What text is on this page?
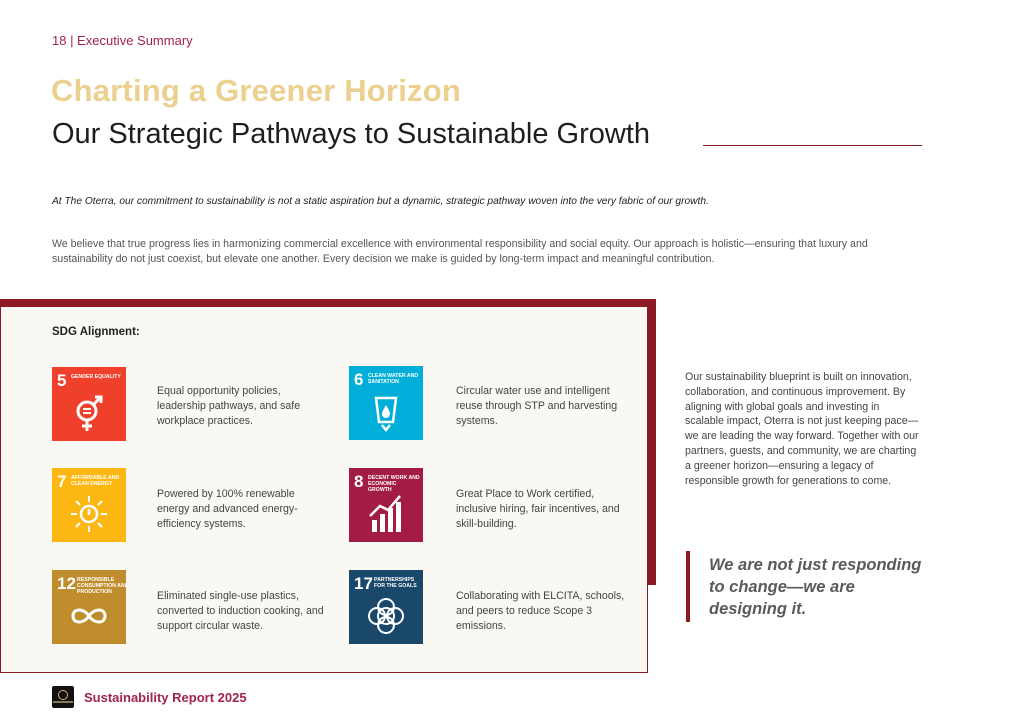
18 | Executive Summary
Charting a Greener Horizon
Our Strategic Pathways to Sustainable Growth
At The Oterra, our commitment to sustainability is not a static aspiration but a dynamic, strategic pathway woven into the very fabric of our growth.
We believe that true progress lies in harmonizing commercial excellence with environmental responsibility and social equity. Our approach is holistic—ensuring that luxury and sustainability do not just coexist, but elevate one another. Every decision we make is guided by long-term impact and meaningful contribution.
SDG Alignment:
5 GENDER EQUALITY
Equal opportunity policies, leadership pathways, and safe workplace practices.
6 CLEAN WATER AND SANITATION
Circular water use and intelligent reuse through STP and harvesting systems.
7 AFFORDABLE AND CLEAN ENERGY
Powered by 100% renewable energy and advanced energy-efficiency systems.
8 DECENT WORK AND ECONOMIC GROWTH	Great Place to Work certified, inclusive hiring, fair incentives, and skill-building.
12 RESPONSIBLE CONSUMPTION AND PRODUCTION	Eliminated single-use plastics, converted to induction cooking, and support circular waste.
17 PARTNERSHIPS FOR THE GOALS
Collaborating with ELCITA, schools, and peers to reduce Scope 3 emissions.
Our sustainability blueprint is built on innovation, collaboration, and continuous improvement. By aligning with global goals and investing in scalable impact, Oterra is not just keeping pace—we are leading the way forward. Together with our partners, guests, and community, we are charting a greener horizon—ensuring a legacy of responsible growth for generations to come.
We are not just responding to change—we are designing it.
Sustainability Report 2025
